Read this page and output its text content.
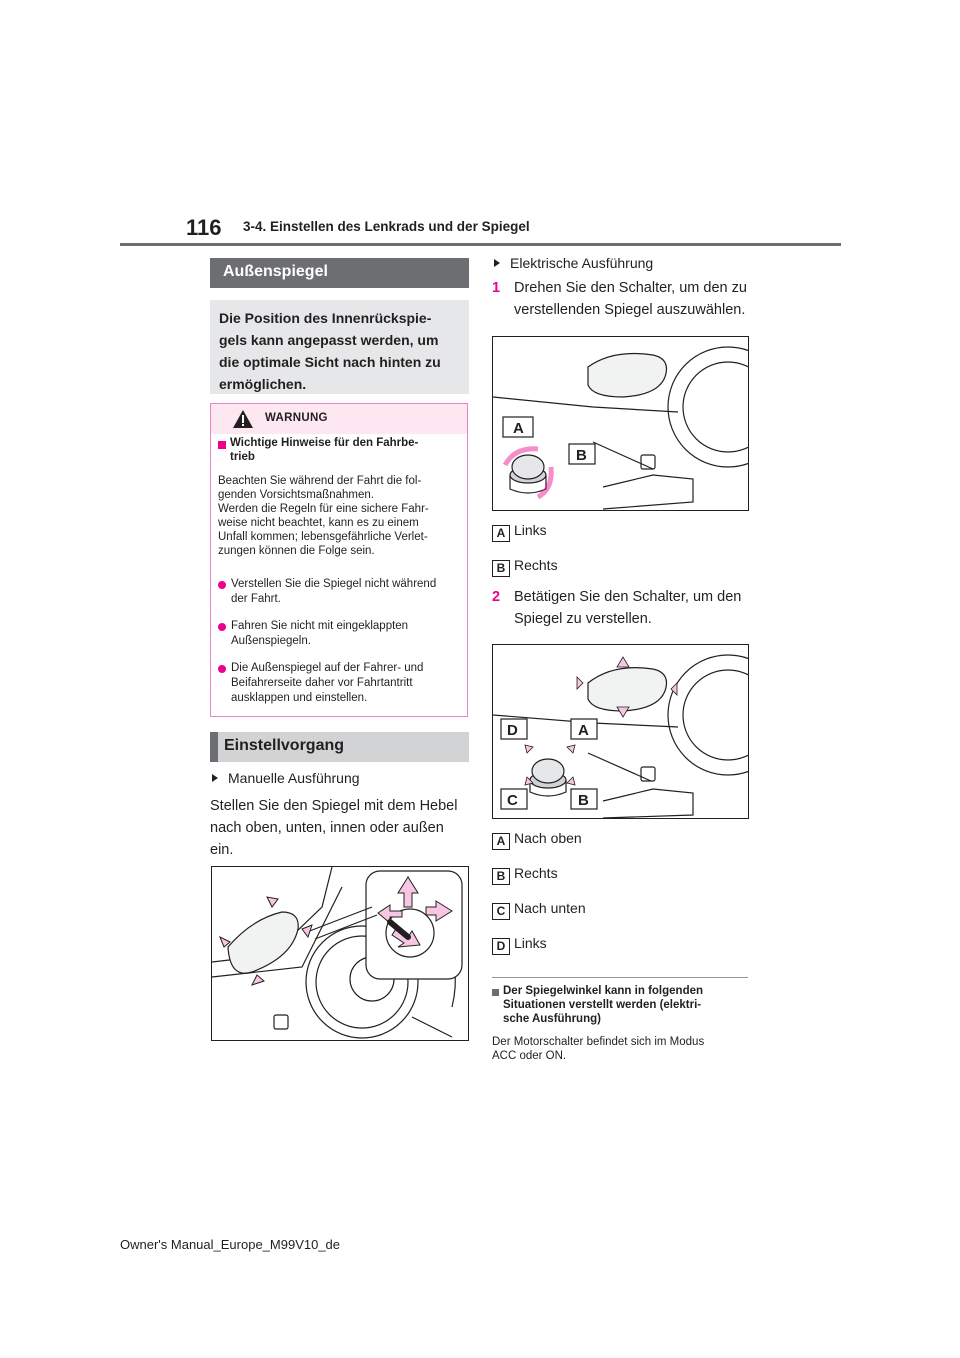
116 3-4. Einstellen des Lenkrads und der Spiegel
Außenspiegel
Die Position des Innenrückspie-
gels kann angepasst werden, um
die optimale Sicht nach hinten zu
ermöglichen.
WARNUNG
Wichtige Hinweise für den Fahrbe-
trieb
Beachten Sie während der Fahrt die fol-
genden Vorsichtsmaßnahmen.
Werden die Regeln für eine sichere Fahr-
weise nicht beachtet, kann es zu einem
Unfall kommen; lebensgefährliche Verlet-
zungen können die Folge sein.
Verstellen Sie die Spiegel nicht während
der Fahrt.
Fahren Sie nicht mit eingeklappten
Außenspiegeln.
Die Außenspiegel auf der Fahrer- und
Beifahrerseite daher vor Fahrtantritt
ausklappen und einstellen.
Einstellvorgang
Manuelle Ausführung
Stellen Sie den Spiegel mit dem Hebel
nach oben, unten, innen oder außen
ein.
Elektrische Ausführung
1 Drehen Sie den Schalter, um den zu
verstellenden Spiegel auszuwählen.
A
B
A Links
B Rechts
2 Betätigen Sie den Schalter, um den
Spiegel zu verstellen.
D	A
C	B
A Nach oben
B Rechts
C Nach unten
D Links
Der Spiegelwinkel kann in folgenden
Situationen verstellt werden (elektri-
sche Ausführung)
Der Motorschalter befindet sich im Modus
ACC oder ON.
Owner's Manual_Europe_M99V10_de
